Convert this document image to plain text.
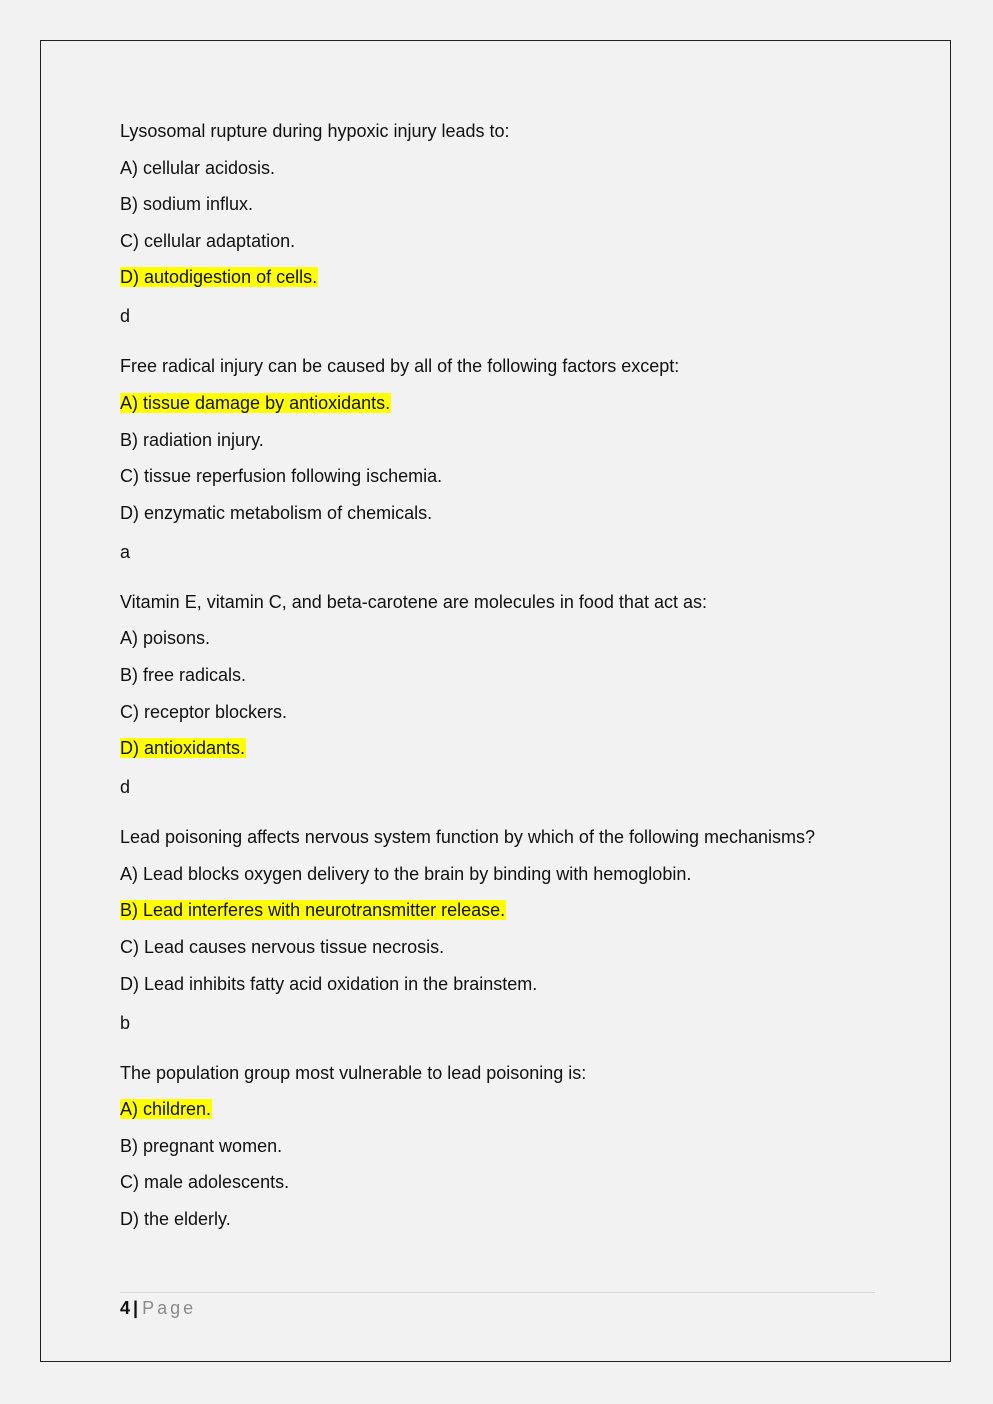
Lysosomal rupture during hypoxic injury leads to:
A) cellular acidosis.
B) sodium influx.
C) cellular adaptation.
D) autodigestion of cells.
d
Free radical injury can be caused by all of the following factors except:
A) tissue damage by antioxidants.
B) radiation injury.
C) tissue reperfusion following ischemia.
D) enzymatic metabolism of chemicals.
a
Vitamin E, vitamin C, and beta-carotene are molecules in food that act as:
A) poisons.
B) free radicals.
C) receptor blockers.
D) antioxidants.
d
Lead poisoning affects nervous system function by which of the following mechanisms?
A) Lead blocks oxygen delivery to the brain by binding with hemoglobin.
B) Lead interferes with neurotransmitter release.
C) Lead causes nervous tissue necrosis.
D) Lead inhibits fatty acid oxidation in the brainstem.
b
The population group most vulnerable to lead poisoning is:
A) children.
B) pregnant women.
C) male adolescents.
D) the elderly.
4 | Page
